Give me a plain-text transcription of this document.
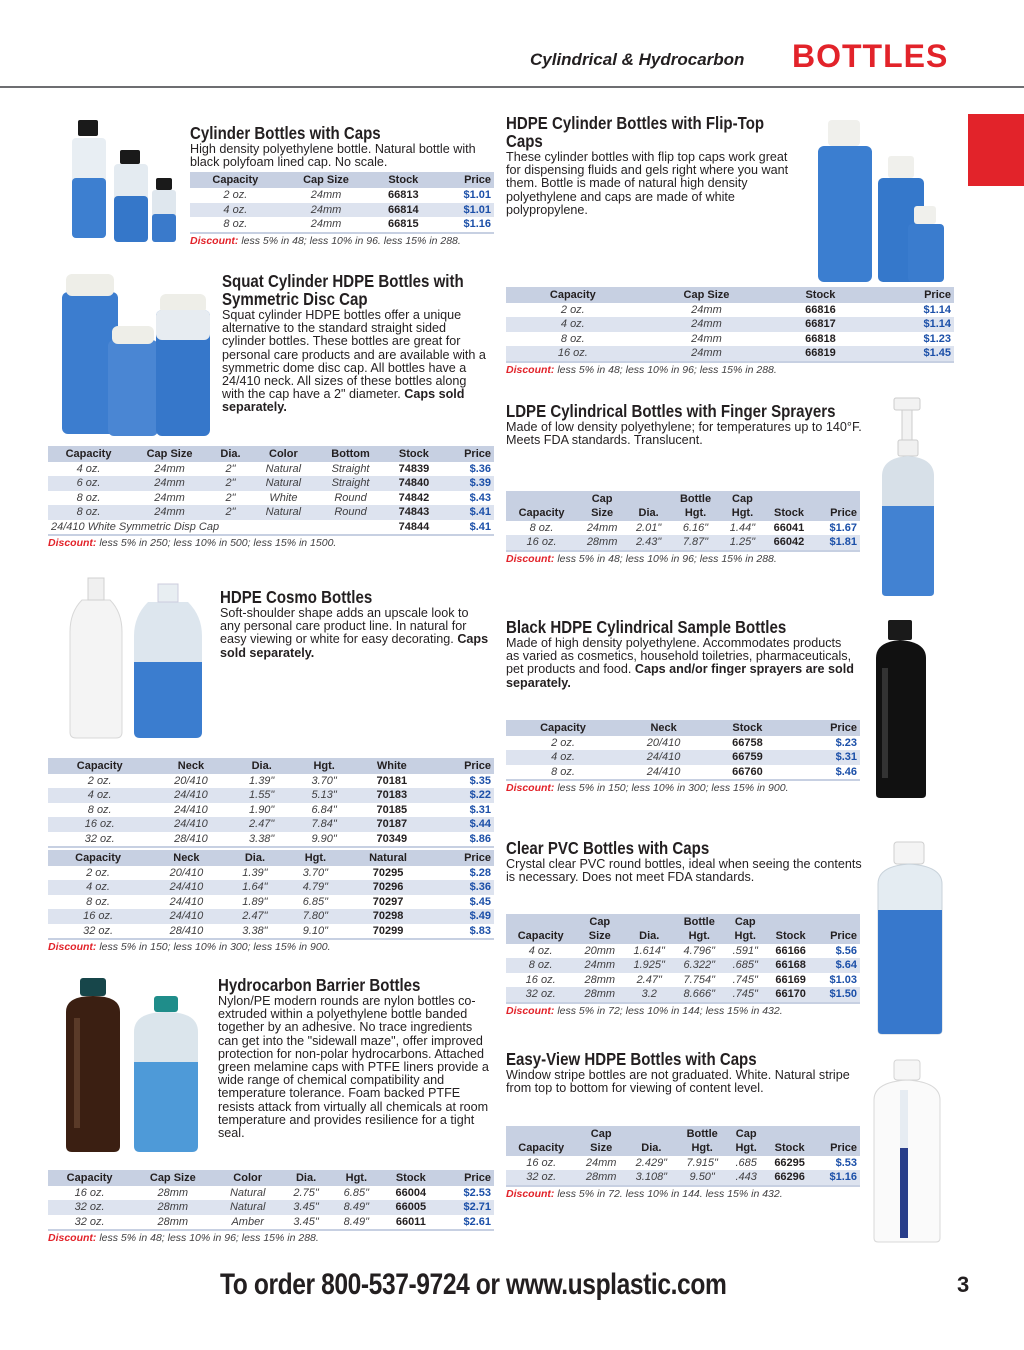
Cylindrical & Hydrocarbon BOTTLES
Cylinder Bottles with Caps
High density polyethylene bottle. Natural bottle with black polyfoam lined cap. No scale.
Capacity	Cap Size	Stock	Price
2 oz.	24mm	66813	$1.01
4 oz.	24mm	66814	$1.01
8 oz.	24mm	66815	$1.16
Discount: less 5% in 48; less 10% in 96. less 15% in 288.
HDPE Cylinder Bottles with Flip-Top
Caps
These cylinder bottles with flip top caps work great for dispensing fluids and gels right where you want them. Bottle is made of natural high density polyethylene and caps are made of white polypropylene.
Capacity	Cap Size	Stock	Price
2 oz.	24mm	66816	$1.14
4 oz.	24mm	66817	$1.14
8 oz.	24mm	66818	$1.23
16 oz.	24mm	66819	$1.45
Discount: less 5% in 48; less 10% in 96; less 15% in 288.
Squat Cylinder HDPE Bottles with
Symmetric Disc Cap
Squat cylinder HDPE bottles offer a unique alternative to the standard straight sided cylinder bottles. These bottles are great for personal care products and are available with a symmetric dome disc cap. All bottles have a 24/410 neck. All sizes of these bottles along with the cap have a 2" diameter. Caps sold separately.
Capacity	Cap Size	Dia.	Color	Bottom	Stock	Price
4 oz.	24mm	2"	Natural	Straight	74839	$.36
6 oz.	24mm	2"	Natural	Straight	74840	$.39
8 oz.	24mm	2"	White	Round	74842	$.43
8 oz.	24mm	2"	Natural	Round	74843	$.41
24/410 White Symmetric Disp Cap					74844	$.41
Discount: less 5% in 250; less 10% in 500; less 15% in 1500.
LDPE Cylindrical Bottles with Finger Sprayers
Made of low density polyethylene; for temperatures up to 140°F. Meets FDA standards. Translucent.
Capacity	Cap
Size	Dia.	Bottle
Hgt.	Cap
Hgt.	Stock	Price
8 oz.	24mm	2.01"	6.16"	1.44"	66041	$1.67
16 oz.	28mm	2.43"	7.87"	1.25"	66042	$1.81
Discount: less 5% in 48; less 10% in 96; less 15% in 288.
HDPE Cosmo Bottles
Soft-shoulder shape adds an upscale look to any personal care product line. In natural for easy viewing or white for easy decorating. Caps sold separately.
Capacity	Neck	Dia.	Hgt.	White	Price
2 oz.	20/410	1.39"	3.70"	70181	$.35
4 oz.	24/410	1.55"	5.13"	70183	$.22
8 oz.	24/410	1.90"	6.84"	70185	$.31
16 oz.	24/410	2.47"	7.84"	70187	$.44
32 oz.	28/410	3.38"	9.90"	70349	$.86
Capacity	Neck	Dia.	Hgt.	Natural	Price
2 oz.	20/410	1.39"	3.70"	70295	$.28
4 oz.	24/410	1.64"	4.79"	70296	$.36
8 oz.	24/410	1.89"	6.85"	70297	$.45
16 oz.	24/410	2.47"	7.80"	70298	$.49
32 oz.	28/410	3.38"	9.10"	70299	$.83
Discount: less 5% in 150; less 10% in 300; less 15% in 900.
Black HDPE Cylindrical Sample Bottles
Made of high density polyethylene. Accommodates products as varied as cosmetics, household toiletries, pharmaceuticals, pet products and food. Caps and/or finger sprayers are sold separately.
Capacity	Neck	Stock	Price
2 oz.	20/410	66758	$.23
4 oz.	24/410	66759	$.31
8 oz.	24/410	66760	$.46
Discount: less 5% in 150; less 10% in 300; less 15% in 900.
Clear PVC Bottles with Caps
Crystal clear PVC round bottles, ideal when seeing the contents is necessary. Does not meet FDA standards.
Capacity	Cap
Size	Dia.	Bottle
Hgt.	Cap
Hgt.	Stock	Price
4 oz.	20mm	1.614"	4.796"	.591"	66166	$.56
8 oz.	24mm	1.925"	6.322"	.685"	66168	$.64
16 oz.	28mm	2.47"	7.754"	.745"	66169	$1.03
32 oz.	28mm	3.2	8.666"	.745"	66170	$1.50
Discount: less 5% in 72; less 10% in 144; less 15% in 432.
Hydrocarbon Barrier Bottles
Nylon/PE modern rounds are nylon bottles co-extruded within a polyethylene bottle banded together by an adhesive. No trace ingredients can get into the "sidewall maze", offer improved protection for non-polar hydrocarbons. Attached green melamine caps with PTFE liners provide a wide range of chemical compatibility and temperature tolerance. Foam backed PTFE resists attack from virtually all chemicals at room temperature and provides resilience for a tight seal.
Capacity	Cap Size	Color	Dia.	Hgt.	Stock	Price
16 oz.	28mm	Natural	2.75"	6.85"	66004	$2.53
32 oz.	28mm	Natural	3.45"	8.49"	66005	$2.71
32 oz.	28mm	Amber	3.45"	8.49"	66011	$2.61
Discount: less 5% in 48; less 10% in 96; less 15% in 288.
Easy-View HDPE Bottles with Caps
Window stripe bottles are not graduated. White. Natural stripe from top to bottom for viewing of content level.
Capacity	Cap
Size	Dia.	Bottle
Hgt.	Cap
Hgt.	Stock	Price
16 oz.	24mm	2.429"	7.915"	.685	66295	$.53
32 oz.	28mm	3.108"	9.50"	.443	66296	$1.16
Discount: less 5% in 72. less 10% in 144. less 15% in 432.
To order 800-537-9724 or www.usplastic.com	3
